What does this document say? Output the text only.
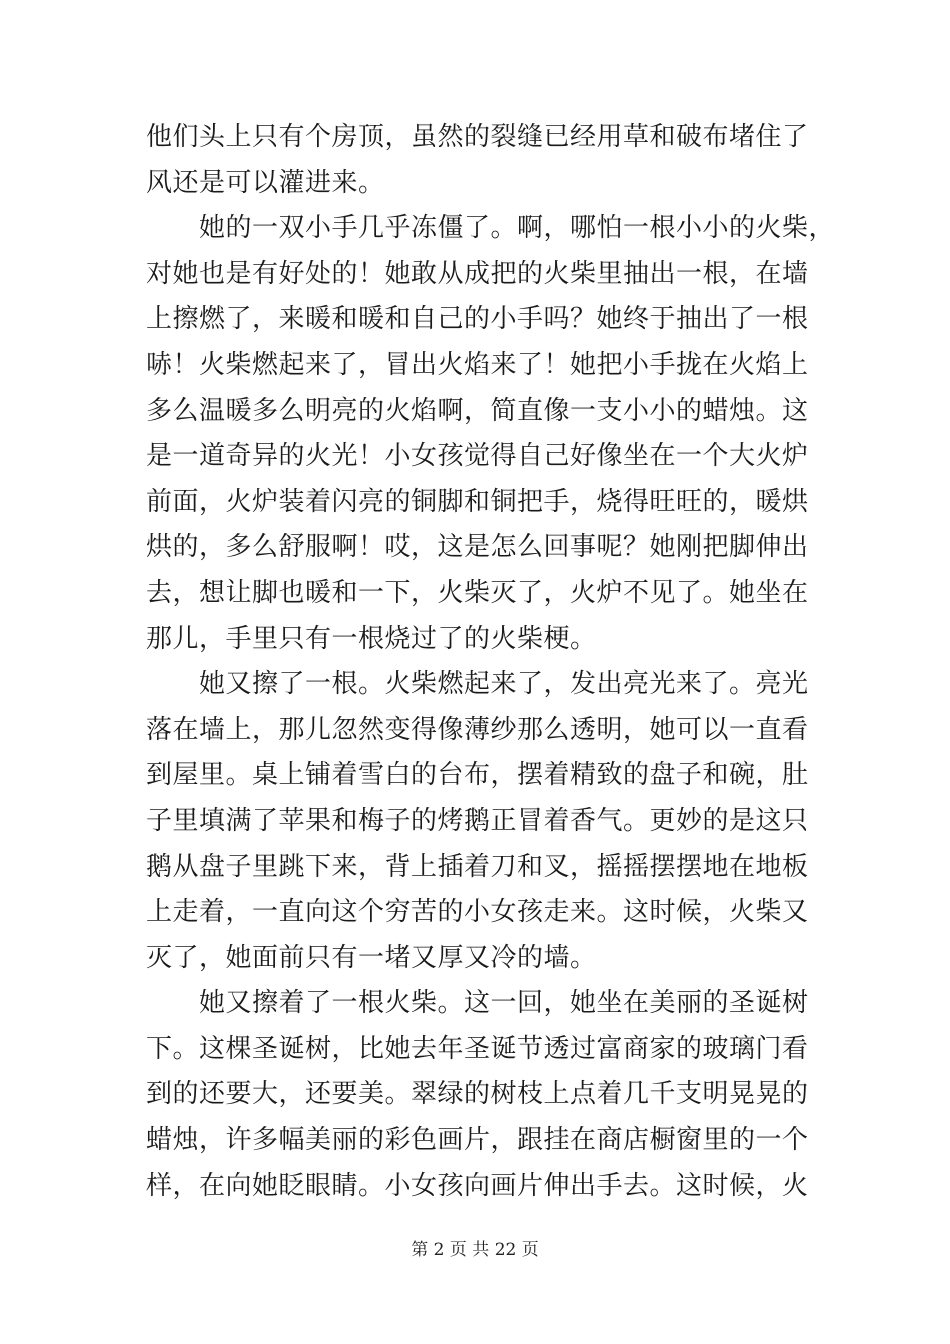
他们头上只有个房顶，虽然的裂缝已经用草和破布堵住了
风还是可以灌进来。
　　她的一双小手几乎冻僵了。啊，哪怕一根小小的火柴，
对她也是有好处的！她敢从成把的火柴里抽出一根，在墙
上擦燃了，来暖和暖和自己的小手吗？她终于抽出了一根
哧！火柴燃起来了，冒出火焰来了！她把小手拢在火焰上
多么温暖多么明亮的火焰啊，简直像一支小小的蜡烛。这
是一道奇异的火光！小女孩觉得自己好像坐在一个大火炉
前面，火炉装着闪亮的铜脚和铜把手，烧得旺旺的，暖烘
烘的，多么舒服啊！哎，这是怎么回事呢？她刚把脚伸出
去，想让脚也暖和一下，火柴灭了，火炉不见了。她坐在
那儿，手里只有一根烧过了的火柴梗。
　　她又擦了一根。火柴燃起来了，发出亮光来了。亮光
落在墙上，那儿忽然变得像薄纱那么透明，她可以一直看
到屋里。桌上铺着雪白的台布，摆着精致的盘子和碗，肚
子里填满了苹果和梅子的烤鹅正冒着香气。更妙的是这只
鹅从盘子里跳下来，背上插着刀和叉，摇摇摆摆地在地板
上走着，一直向这个穷苦的小女孩走来。这时候，火柴又
灭了，她面前只有一堵又厚又冷的墙。
　　她又擦着了一根火柴。这一回，她坐在美丽的圣诞树
下。这棵圣诞树，比她去年圣诞节透过富商家的玻璃门看
到的还要大，还要美。翠绿的树枝上点着几千支明晃晃的
蜡烛，许多幅美丽的彩色画片，跟挂在商店橱窗里的一个
样，在向她眨眼睛。小女孩向画片伸出手去。这时候，火
第 2 页 共 22 页
